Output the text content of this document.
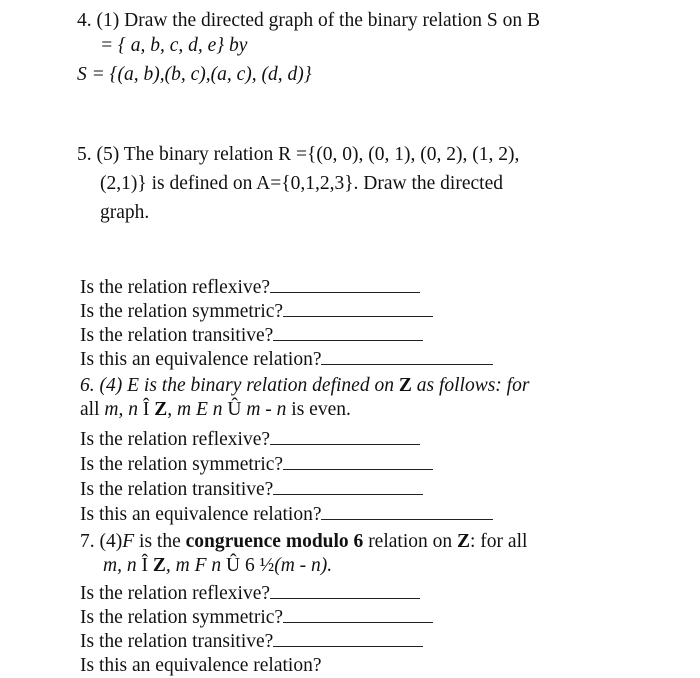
4. (1) Draw the directed graph of the binary relation S on B
= { a, b, c, d, e} by
S = {(a, b),(b, c),(a, c), (d, d)}
5. (5) The binary relation R ={(0, 0), (0, 1), (0, 2), (1, 2),
(2,1)} is defined on A={0,1,2,3}. Draw the directed
graph.
Is the relation reflexive?
Is the relation symmetric?
Is the relation transitive?
Is this an equivalence relation?
6. (4) E is the binary relation defined on Z as follows: for
all m, n Î Z, m E n Û m - n is even.
Is the relation reflexive?
Is the relation symmetric?
Is the relation transitive?
Is this an equivalence relation?
7. (4)F is the congruence modulo 6 relation on Z: for all
m, n Î Z, m F n Û 6 ½(m - n).
Is the relation reflexive?
Is the relation symmetric?
Is the relation transitive?
Is this an equivalence relation?
